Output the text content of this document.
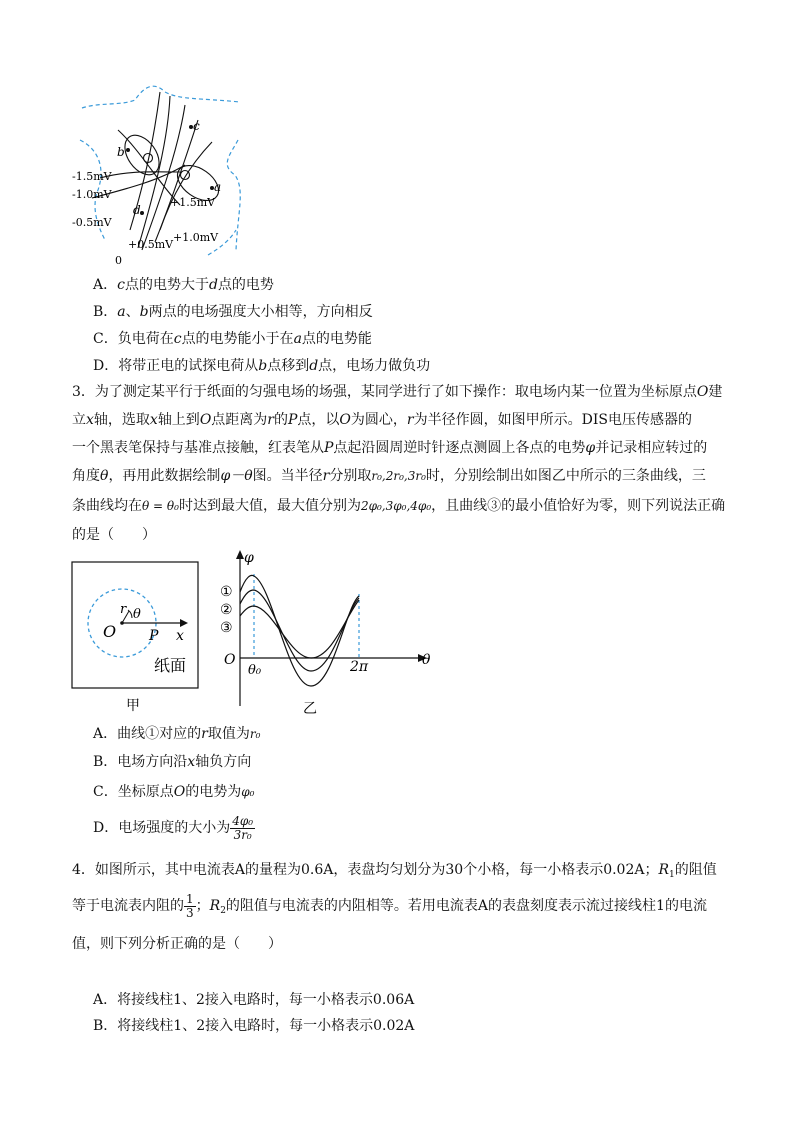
c
b
a
d
-1.5mV
-1.0mV
-0.5mV
+1.5mV
+0.5mV
+1.0mV
0
A．c点的电势大于d点的电势
B．a、b两点的电场强度大小相等，方向相反
C．负电荷在c点的电势能小于在a点的电势能
D．将带正电的试探电荷从b点移到d点，电场力做负功
3．为了测定某平行于纸面的匀强电场的场强，某同学进行了如下操作：取电场内某一位置为坐标原点O建
立x轴，选取x轴上到O点距离为r的P点，以O为圆心，r为半径作圆，如图甲所示。DIS电压传感器的
一个黑表笔保持与基准点接触，红表笔从P点起沿圆周逆时针逐点测圆上各点的电势φ并记录相应转过的
角度θ，再用此数据绘制φ－θ图。当半径r分别取r₀,2r₀,3r₀时，分别绘制出如图乙中所示的三条曲线，三
条曲线均在θ = θ₀时达到最大值，最大值分别为2φ₀,3φ₀,4φ₀，且曲线③的最小值恰好为零，则下列说法正确
的是（　　）
O P x
r θ
纸面
甲
φ
①
②
③
O
θ₀	2π	θ
乙
A．曲线①对应的r取值为r₀
B．电场方向沿x轴负方向
C．坐标原点O的电势为φ₀
D．电场强度的大小为 $\frac{\text{4φ₀}}{\text{3r₀}}$
4．如图所示，其中电流表A的量程为0.6A，表盘均匀划分为30个小格，每一小格表示0.02A；$R_1$的阻值
等于电流表内阻的 $\frac{1}{3}$ ；$R_2$的阻值与电流表的内阻相等。若用电流表A的表盘刻度表示流过接线柱1的电流
值，则下列分析正确的是（　　）
A．将接线柱1、2接入电路时，每一小格表示0.06A
B．将接线柱1、2接入电路时，每一小格表示0.02A
